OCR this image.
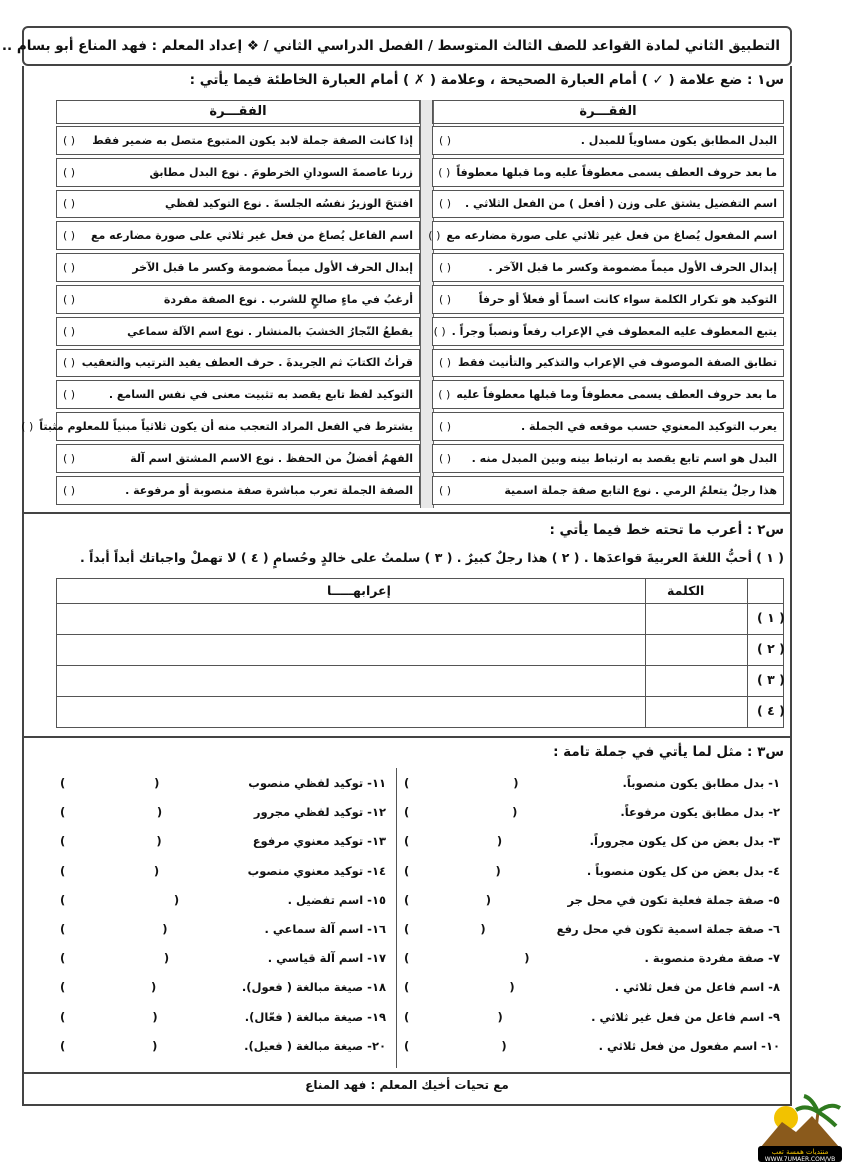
التطبيق الثاني لمادة القواعد للصف الثالث المتوسط / الفصل الدراسي الثاني / ❖ إعداد المعلم : فهد المناع أبو بسام ..
س١ : ضع علامة ( ✓ ) أمام العبارة الصحيحة ، وعلامة ( ✗ ) أمام العبارة الخاطئة فيما يأتي :
الفقـــرة
الفقـــرة
البدل المطابق يكون مساوياً للمبدل .
( )
ما بعد حروف العطف يسمى معطوفاً عليه وما قبلها معطوفاً
( )
اسم التفضيل يشتق على وزن ( أفعل ) من الفعل الثلاثي .
( )
اسم المفعول يُصاغ من فعل غير ثلاثي على صورة مضارعه مع
( )
إبدال الحرف الأول ميماً مضمومة وكسر ما قبل الآخر .
( )
التوكيد هو تكرار الكلمة سواء كانت اسماً أو فعلاً أو حرفاً
( )
يتبع المعطوف عليه المعطوف في الإعراب رفعاً ونصباً وجراً .
( )
تطابق الصفة الموصوف في الإعراب والتذكير والتأنيث فقط
( )
ما بعد حروف العطف يسمى معطوفاً وما قبلها معطوفاً عليه
( )
يعرب التوكيد المعنوي حسب موقعه في الجملة .
( )
البدل هو اسم تابع يقصد به ارتباط بينه وبين المبدل منه .
( )
هذا رجلٌ يتعلمُ الرمي . نوع التابع صفة جملة اسمية
( )
إذا كانت الصفة جملة لابد يكون المتبوع متصل به ضمير فقط
( )
زرنا عاصمةَ السودانِ الخرطومَ . نوع البدل مطابق
( )
افتتحَ الوزيرُ نفسُه الجلسةَ . نوع التوكيد لفظي
( )
اسم الفاعل يُصاغ من فعل غير ثلاثي على صورة مضارعه مع
( )
إبدال الحرف الأول ميماً مضمومة وكسر ما قبل الآخر
( )
أرغبُ في ماءٍ صالحٍ للشرب . نوع الصفة مفردة
( )
يقطعُ النّجارُ الخشبَ بالمنشار . نوع اسم الآلة سماعي
( )
قرأتُ الكتابَ ثم الجريدةَ . حرف العطف يفيد الترتيب والتعقيب
( )
التوكيد لفظ تابع يقصد به تثبيت معنى في نفس السامع .
( )
يشترط في الفعل المراد التعجب منه أن يكون ثلاثياً مبنياً للمعلوم مثبتاً
( )
الفهمُ أفضلُ من الحفظ . نوع الاسم المشتق اسم آلة
( )
الصفة الجملة تعرب مباشرة صفة منصوبة أو مرفوعة .
( )
س٢ : أعرب ما تحته خط فيما يأتي :
( ١ ) أحبُّ اللغةَ العربيةَ قواعدَها . ( ٢ ) هذا رجلٌ كبيرٌ . ( ٣ ) سلمتُ على خالدٍ وحُسامٍ ( ٤ ) لا تهملْ واجباتك أبداً أبداً .
الكلمة
إعرابهـــــا
( ١ )
( ٢ )
( ٣ )
( ٤ )
س٣ : مثل لما يأتي في جملة تامة :
١- بدل مطابق يكون منصوباً.
(
)
٢- بدل مطابق يكون مرفوعاً.
(
)
٣- بدل بعض من كل يكون مجروراً.
(
)
٤- بدل بعض من كل يكون منصوباً .
(
)
٥- صفة جملة فعلية تكون في محل جر
(
)
٦- صفة جملة اسمية تكون في محل رفع
(
)
٧- صفة مفردة منصوبة .
(
)
٨- اسم فاعل من فعل ثلاثي .
(
)
٩- اسم فاعل من فعل غير ثلاثي .
(
)
١٠- اسم مفعول من فعل ثلاثي .
(
)
١١- توكيد لفظي منصوب
(
)
١٢- توكيد لفظي مجرور
(
)
١٣- توكيد معنوي مرفوع
(
)
١٤- توكيد معنوي منصوب
(
)
١٥- اسم تفضيل .
(
)
١٦- اسم آلة سماعي .
(
)
١٧- اسم آلة قياسي .
(
)
١٨- صيغة مبالغة ( فعول).
(
)
١٩- صيغة مبالغة ( فعّال).
(
)
٢٠- صيغة مبالغة ( فعيل).
(
)
مع تحيات أخيك المعلم : فهد المناع
منتديات همسة تعب
WWW.7UMAER.COM/VB
